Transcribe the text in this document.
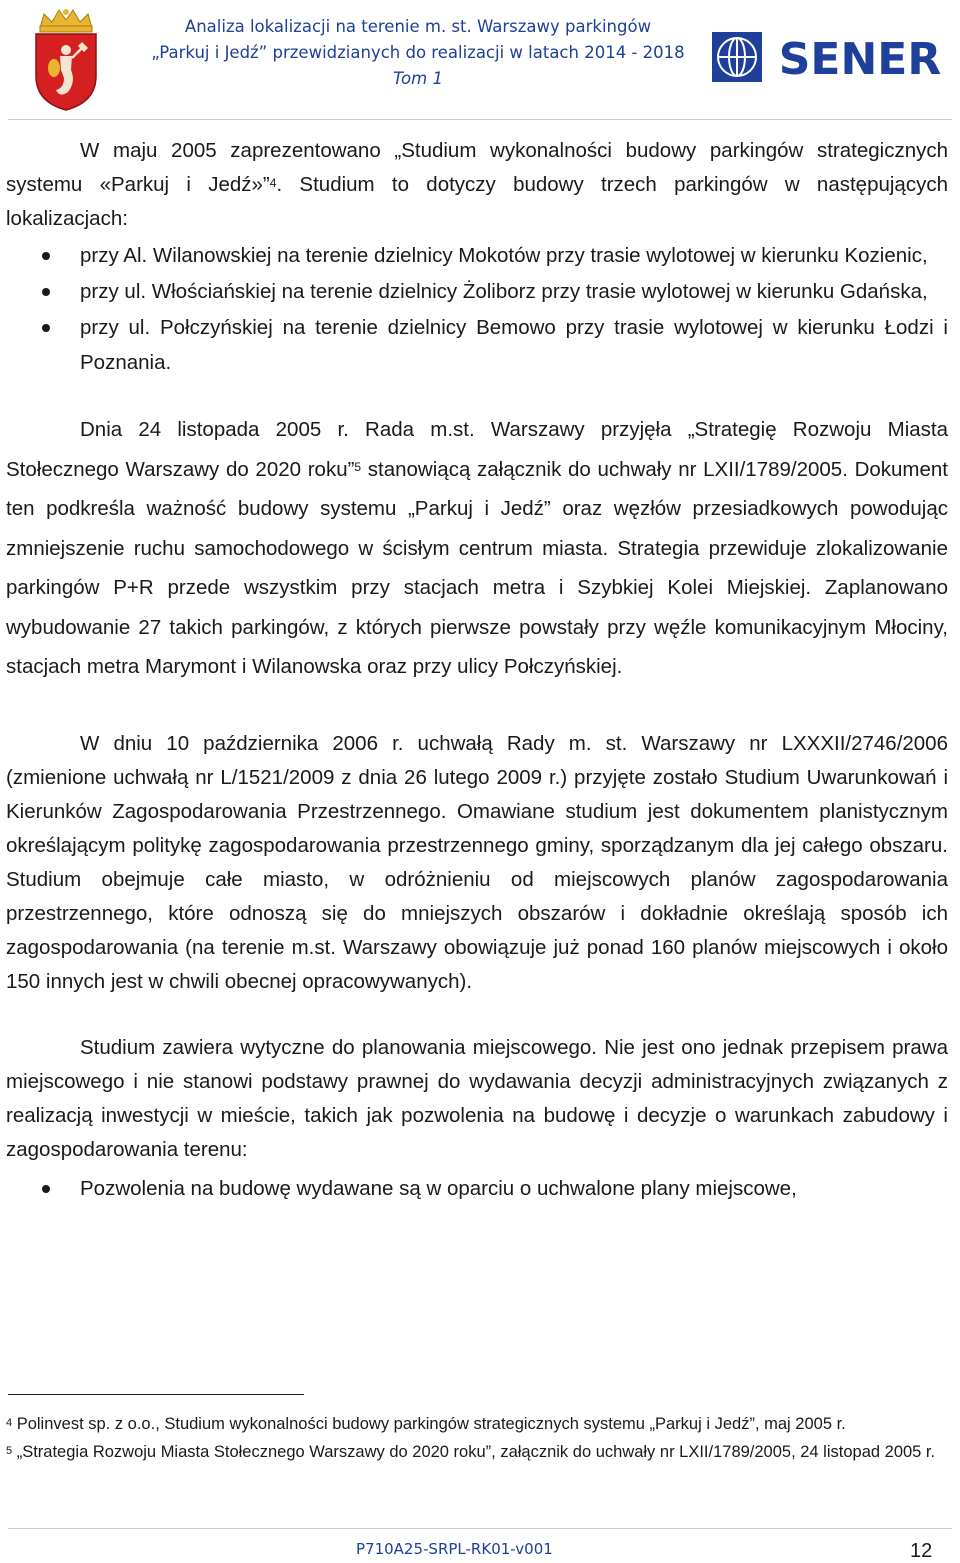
Analiza lokalizacji na terenie m. st. Warszawy parkingów
„Parkuj i Jedź” przewidzianych do realizacji w latach 2014 - 2018
Tom 1	SENER

W maju 2005 zaprezentowano „Studium wykonalności budowy parkingów strategicznych systemu «Parkuj i Jedź»”$^4$. Studium to dotyczy budowy trzech parkingów w następujących lokalizacjach:

przy Al. Wilanowskiej na terenie dzielnicy Mokotów przy trasie wylotowej w kierunku Kozienic,
przy ul. Włościańskiej na terenie dzielnicy Żoliborz przy trasie wylotowej w kierunku Gdańska,
przy ul. Połczyńskiej na terenie dzielnicy Bemowo przy trasie wylotowej w kierunku Łodzi i Poznania.

Dnia 24 listopada 2005 r. Rada m.st. Warszawy przyjęła „Strategię Rozwoju Miasta Stołecznego Warszawy do 2020 roku”$^5$ stanowiącą załącznik do uchwały nr LXII/1789/2005. Dokument ten podkreśla ważność budowy systemu „Parkuj i Jedź” oraz węzłów przesiadkowych powodując zmniejszenie ruchu samochodowego w ścisłym centrum miasta. Strategia przewiduje zlokalizowanie parkingów P+R przede wszystkim przy stacjach metra i Szybkiej Kolei Miejskiej. Zaplanowano wybudowanie 27 takich parkingów, z których pierwsze powstały przy węźle komunikacyjnym Młociny, stacjach metra Marymont i Wilanowska oraz przy ulicy Połczyńskiej.

W dniu 10 października 2006 r. uchwałą Rady m. st. Warszawy nr LXXXII/2746/2006 (zmienione uchwałą nr L/1521/2009 z dnia 26 lutego 2009 r.) przyjęte zostało Studium Uwarunkowań i Kierunków Zagospodarowania Przestrzennego. Omawiane studium jest dokumentem planistycznym określającym politykę zagospodarowania przestrzennego gminy, sporządzanym dla jej całego obszaru. Studium obejmuje całe miasto, w odróżnieniu od miejscowych planów zagospodarowania przestrzennego, które odnoszą się do mniejszych obszarów i dokładnie określają sposób ich zagospodarowania (na terenie m.st. Warszawy obowiązuje już ponad 160 planów miejscowych i około 150 innych jest w chwili obecnej opracowywanych).

Studium zawiera wytyczne do planowania miejscowego. Nie jest ono jednak przepisem prawa miejscowego i nie stanowi podstawy prawnej do wydawania decyzji administracyjnych związanych z realizacją inwestycji w mieście, takich jak pozwolenia na budowę i decyzje o warunkach zabudowy i zagospodarowania terenu:

Pozwolenia na budowę wydawane są w oparciu o uchwalone plany miejscowe,

$^4$ Polinvest sp. z o.o., Studium wykonalności budowy parkingów strategicznych systemu „Parkuj i Jedź”, maj 2005 r.

$^5$ „Strategia Rozwoju Miasta Stołecznego Warszawy do 2020 roku”, załącznik do uchwały nr LXII/1789/2005, 24 listopad 2005 r.

P710A25-SRPL-RK01-v001	12
